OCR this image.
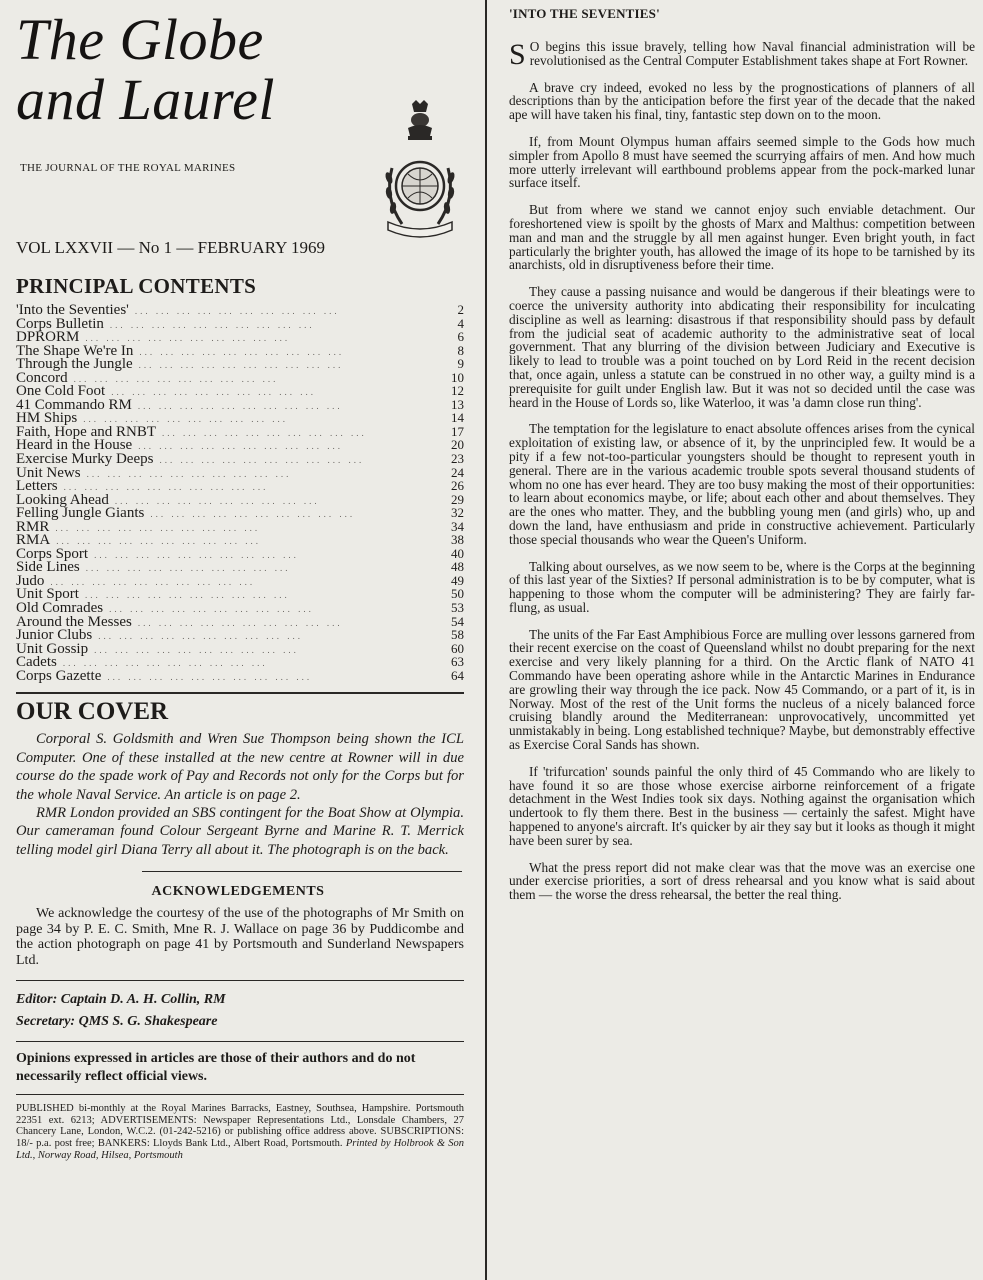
The Globe
and Laurel
THE JOURNAL OF THE ROYAL MARINES
VOL LXXVII — No 1 — FEBRUARY 1969
PRINCIPAL CONTENTS
'Into the Seventies' ... ... ... ... ... ... ... ... ... ...	2
Corps Bulletin ... ... ... ... ... ... ... ... ... ...	4
DPRORM ... ... ... ... ... ... ... ... ... ...	6
The Shape We're In ... ... ... ... ... ... ... ... ... ...	8
Through the Jungle ... ... ... ... ... ... ... ... ... ...	9
Concord ... ... ... ... ... ... ... ... ... ...	10
One Cold Foot ... ... ... ... ... ... ... ... ... ...	12
41 Commando RM ... ... ... ... ... ... ... ... ... ...	13
HM Ships ... ... ... ... ... ... ... ... ... ...	14
Faith, Hope and RNBT ... ... ... ... ... ... ... ... ... ...	17
Heard in the House ... ... ... ... ... ... ... ... ... ...	20
Exercise Murky Deeps ... ... ... ... ... ... ... ... ... ...	23
Unit News ... ... ... ... ... ... ... ... ... ...	24
Letters ... ... ... ... ... ... ... ... ... ...	26
Looking Ahead ... ... ... ... ... ... ... ... ... ...	29
Felling Jungle Giants ... ... ... ... ... ... ... ... ... ...	32
RMR ... ... ... ... ... ... ... ... ... ...	34
RMA ... ... ... ... ... ... ... ... ... ...	38
Corps Sport ... ... ... ... ... ... ... ... ... ...	40
Side Lines ... ... ... ... ... ... ... ... ... ...	48
Judo ... ... ... ... ... ... ... ... ... ...	49
Unit Sport ... ... ... ... ... ... ... ... ... ...	50
Old Comrades ... ... ... ... ... ... ... ... ... ...	53
Around the Messes ... ... ... ... ... ... ... ... ... ...	54
Junior Clubs ... ... ... ... ... ... ... ... ... ...	58
Unit Gossip ... ... ... ... ... ... ... ... ... ...	60
Cadets ... ... ... ... ... ... ... ... ... ...	63
Corps Gazette ... ... ... ... ... ... ... ... ... ...	64
OUR COVER

Corporal S. Goldsmith and Wren Sue Thompson being shown the ICL Computer. One of these installed at the new centre at Rowner will in due course do the spade work of Pay and Records not only for the Corps but for the whole Naval Service. An article is on page 2.

RMR London provided an SBS contingent for the Boat Show at Olympia. Our cameraman found Colour Sergeant Byrne and Marine R. T. Merrick telling model girl Diana Terry all about it. The photograph is on the back.

ACKNOWLEDGEMENTS

We acknowledge the courtesy of the use of the photographs of Mr Smith on page 34 by P. E. C. Smith, Mne R. J. Wallace on page 36 by Puddicombe and the action photograph on page 41 by Portsmouth and Sunderland Newspapers Ltd.

Editor: Captain D. A. H. Collin, RM
Secretary: QMS S. G. Shakespeare
Opinions expressed in articles are those of their authors and do not necessarily reflect official views.
PUBLISHED bi-monthly at the Royal Marines Barracks, Eastney, Southsea, Hampshire. Portsmouth 22351 ext. 6213; ADVERTISEMENTS: Newspaper Representations Ltd., Lonsdale Chambers, 27 Chancery Lane, London, W.C.2. (01-242-5216) or publishing office address above. SUBSCRIPTIONS: 18/- p.a. post free; BANKERS: Lloyds Bank Ltd., Albert Road, Portsmouth. Printed by Holbrook & Son Ltd., Norway Road, Hilsea, Portsmouth
'INTO THE SEVENTIES'

S O begins this issue bravely, telling how Naval financial administration will be revolutionised as the Central Computer Establishment takes shape at Fort Rowner.

A brave cry indeed, evoked no less by the prognostications of planners of all descriptions than by the anticipation before the first year of the decade that the naked ape will have taken his final, tiny, fantastic step down on to the moon.

If, from Mount Olympus human affairs seemed simple to the Gods how much simpler from Apollo 8 must have seemed the scurrying affairs of men. And how much more utterly irrelevant will earthbound problems appear from the pock-marked lunar surface itself.

But from where we stand we cannot enjoy such enviable detachment. Our foreshortened view is spoilt by the ghosts of Marx and Malthus: competition between man and man and the struggle by all men against hunger. Even bright youth, in fact particularly the brighter youth, has allowed the image of its hope to be tarnished by its anarchists, old in disruptiveness before their time.

They cause a passing nuisance and would be dangerous if their bleatings were to coerce the university authority into abdicating their responsibility for inculcating discipline as well as learning: disastrous if that responsibility should pass by default from the judicial seat of academic authority to the administrative seat of local government. That any blurring of the division between Judiciary and Executive is likely to lead to trouble was a point touched on by Lord Reid in the recent decision that, once again, unless a statute can be construed in no other way, a guilty mind is a prerequisite for guilt under English law. But it was not so decided until the case was heard in the House of Lords so, like Waterloo, it was 'a damn close run thing'.

The temptation for the legislature to enact absolute offences arises from the cynical exploitation of existing law, or absence of it, by the unprincipled few. It would be a pity if a few not-too-particular youngsters should be thought to represent youth in general. There are in the various academic trouble spots several thousand students of whom no one has ever heard. They are too busy making the most of their opportunities: to learn about economics maybe, or life; about each other and about themselves. They are the ones who matter. They, and the bubbling young men (and girls) who, up and down the land, have enthusiasm and pride in constructive achievement. Particularly those special thousands who wear the Queen's Uniform.

Talking about ourselves, as we now seem to be, where is the Corps at the beginning of this last year of the Sixties? If personal administration is to be by computer, what is happening to those whom the computer will be administering? They are fairly far-flung, as usual.

The units of the Far East Amphibious Force are mulling over lessons garnered from their recent exercise on the coast of Queensland whilst no doubt preparing for the next exercise and very likely planning for a third. On the Arctic flank of NATO 41 Commando have been operating ashore while in the Antarctic Marines in Endurance are growling their way through the ice pack. Now 45 Commando, or a part of it, is in Norway. Most of the rest of the Unit forms the nucleus of a nicely balanced force cruising blandly around the Mediterranean: unprovocatively, uncommitted yet unmistakably in being. Long established technique? Maybe, but demonstrably effective as Exercise Coral Sands has shown.

If 'trifurcation' sounds painful the only third of 45 Commando who are likely to have found it so are those whose exercise airborne reinforcement of a frigate detachment in the West Indies took six days. Nothing against the organisation which undertook to fly them there. Best in the business — certainly the safest. Might have happened to anyone's aircraft. It's quicker by air they say but it looks as though it might have been surer by sea.

What the press report did not make clear was that the move was an exercise one under exercise priorities, a sort of dress rehearsal and you know what is said about them — the worse the dress rehearsal, the better the real thing.
